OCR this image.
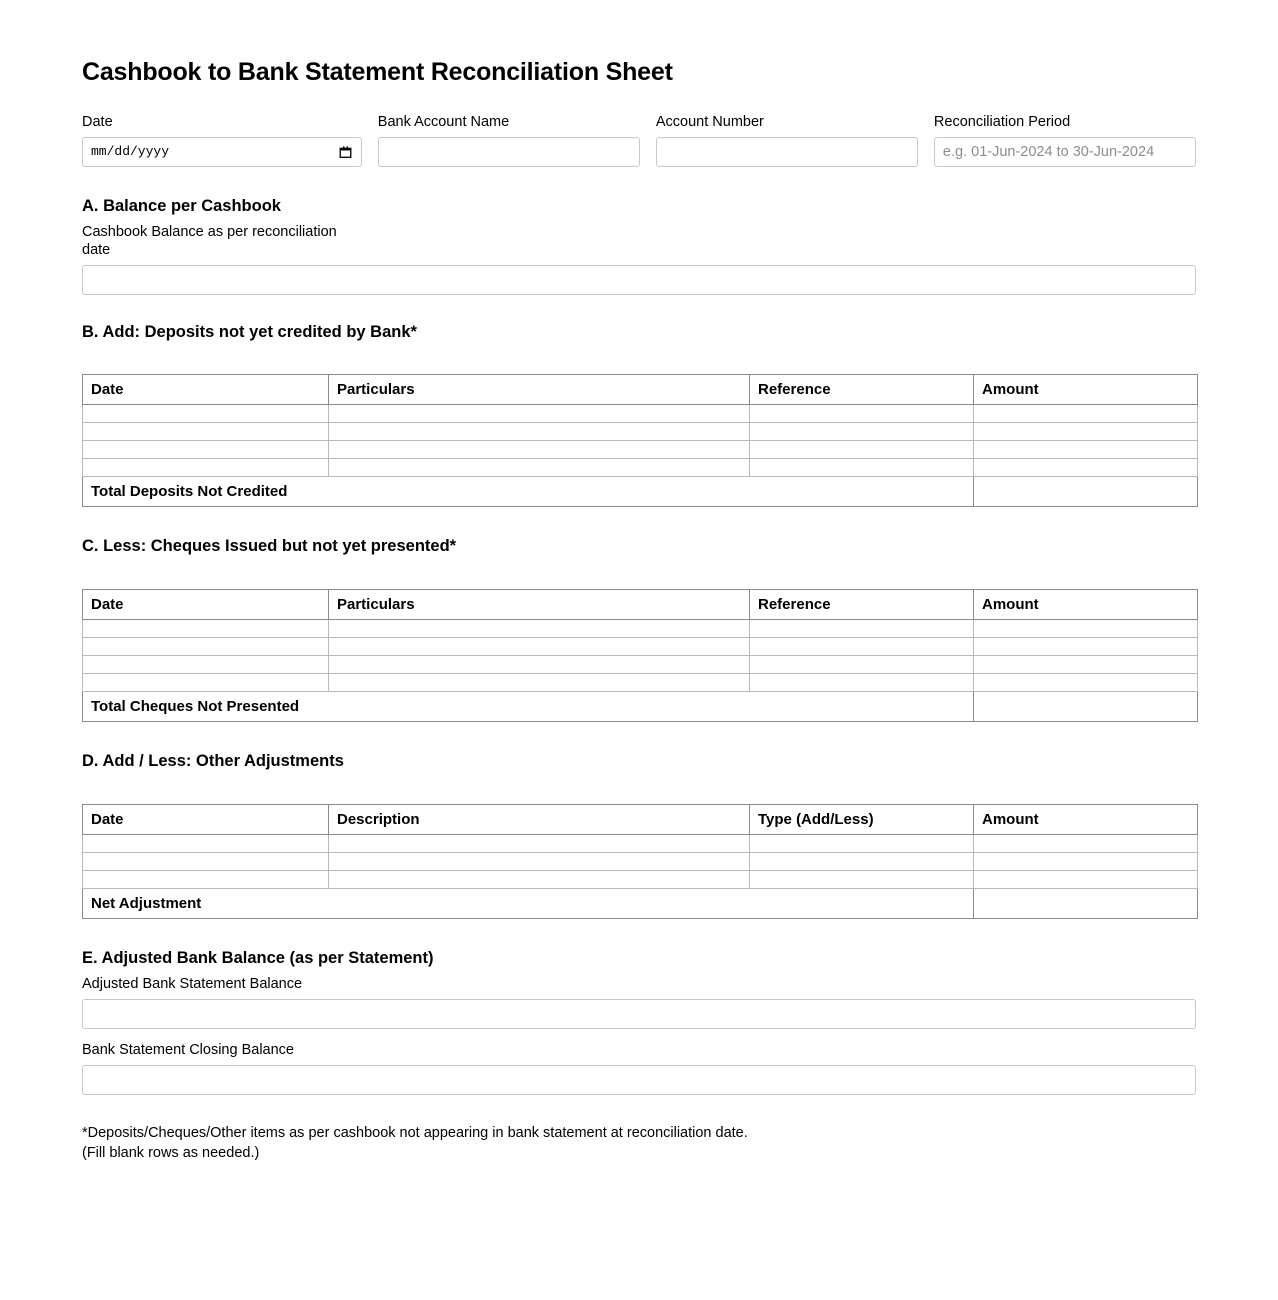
Cashbook to Bank Statement Reconciliation Sheet
Date
mm/dd/yyyy
Bank Account Name	Account Number	Reconciliation Period
e.g. 01-Jun-2024 to 30-Jun-2024
A. Balance per Cashbook
Cashbook Balance as per reconciliation date
B. Add: Deposits not yet credited by Bank*
Date	Particulars	Reference	Amount

Total Deposits Not Credited			
C. Less: Cheques Issued but not yet presented*
Date	Particulars	Reference	Amount

Total Cheques Not Presented			
D. Add / Less: Other Adjustments
Date	Description	Type (Add/Less)	Amount

Net Adjustment			
E. Adjusted Bank Balance (as per Statement)
Adjusted Bank Statement Balance
Bank Statement Closing Balance
*Deposits/Cheques/Other items as per cashbook not appearing in bank statement at reconciliation date.
(Fill blank rows as needed.)
